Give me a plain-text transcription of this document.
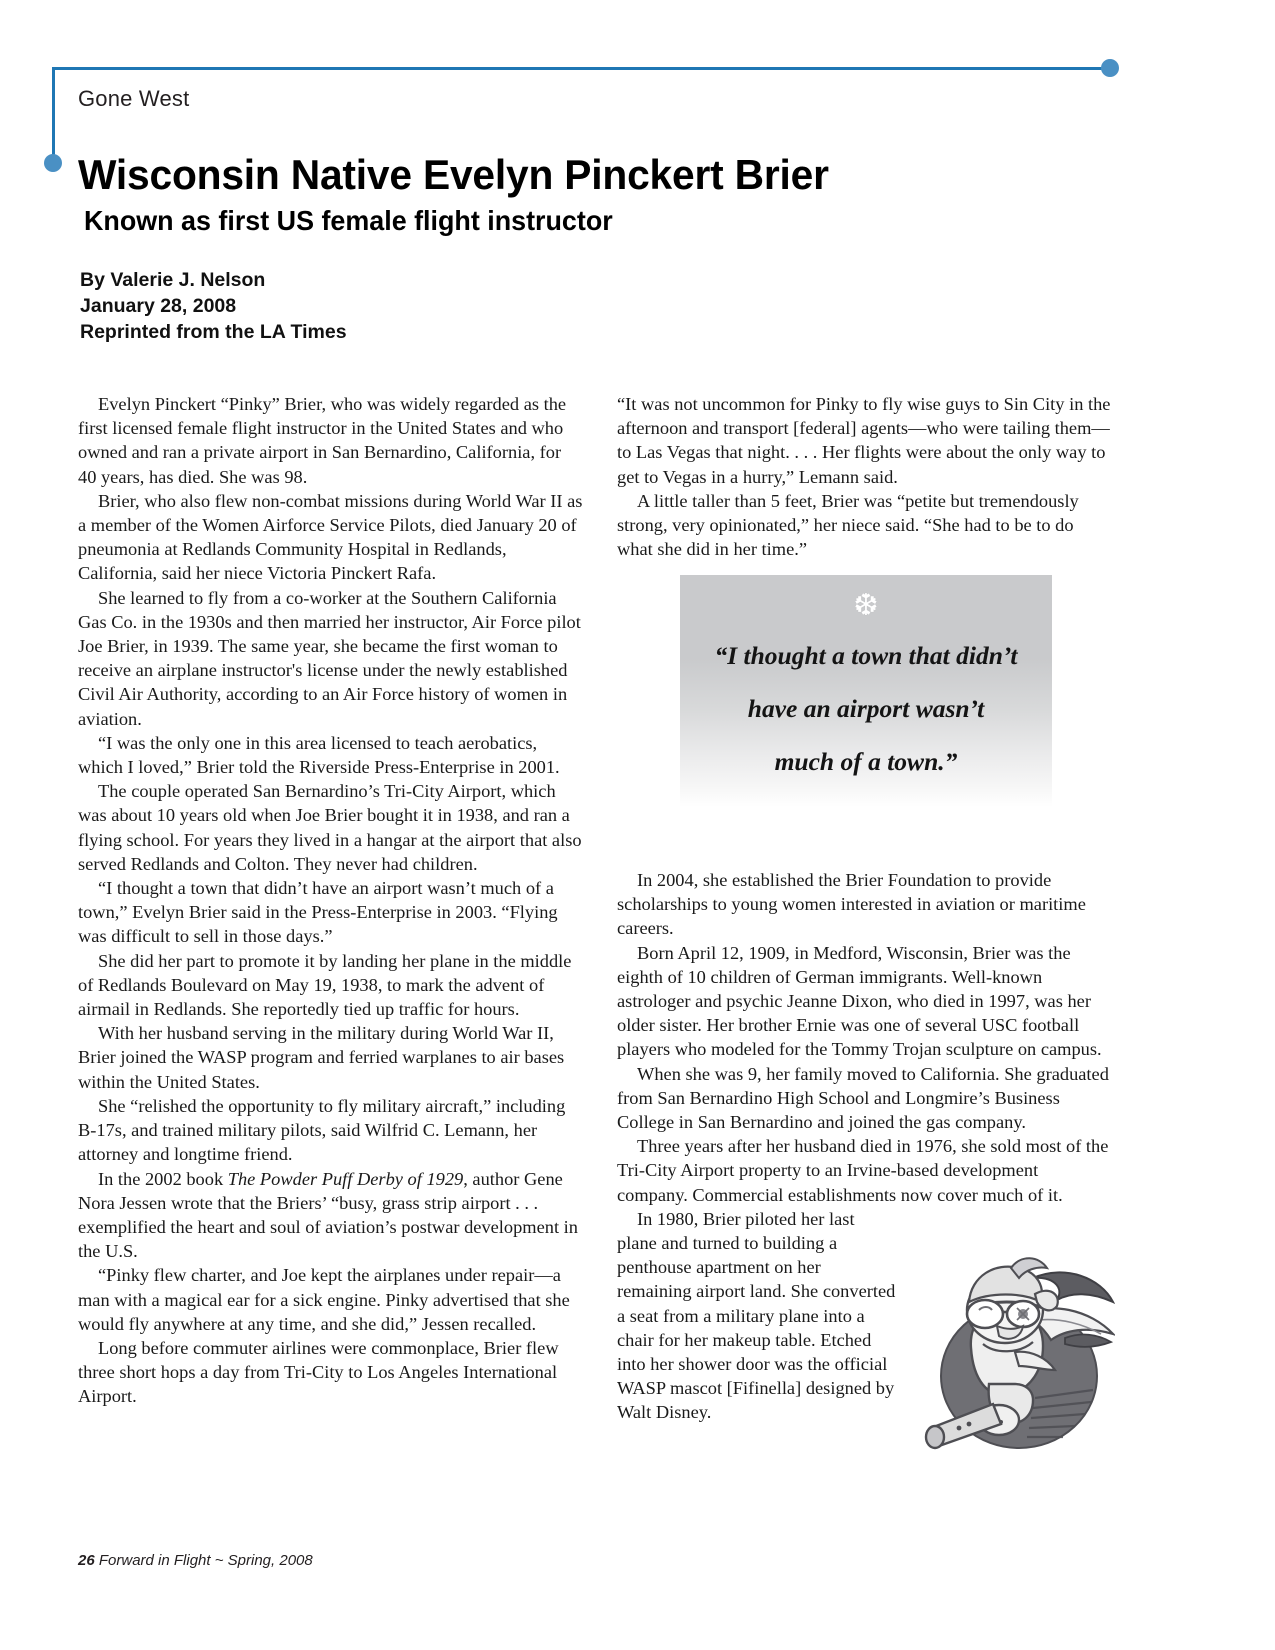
Gone West
Wisconsin Native Evelyn Pinckert Brier
Known as first US female flight instructor
By Valerie J. Nelson
January 28, 2008
Reprinted from the LA Times

Evelyn Pinckert “Pinky” Brier, who was widely regarded as the first licensed female flight instructor in the United States and who owned and ran a private airport in San Bernardino, California, for 40 years, has died. She was 98.

Brier, who also flew non-combat missions during World War II as a member of the Women Airforce Service Pilots, died January 20 of pneumonia at Redlands Community Hospital in Redlands, California, said her niece Victoria Pinckert Rafa.

She learned to fly from a co-worker at the Southern California Gas Co. in the 1930s and then married her instructor, Air Force pilot Joe Brier, in 1939. The same year, she became the first woman to receive an airplane instructor's license under the newly established Civil Air Authority, according to an Air Force history of women in aviation.

“I was the only one in this area licensed to teach aerobatics, which I loved,” Brier told the Riverside Press-Enterprise in 2001.

The couple operated San Bernardino’s Tri-City Airport, which was about 10 years old when Joe Brier bought it in 1938, and ran a flying school. For years they lived in a hangar at the airport that also served Redlands and Colton. They never had children.

“I thought a town that didn’t have an airport wasn’t much of a town,” Evelyn Brier said in the Press-Enterprise in 2003. “Flying was difficult to sell in those days.”

She did her part to promote it by landing her plane in the middle of Redlands Boulevard on May 19, 1938, to mark the advent of airmail in Redlands. She reportedly tied up traffic for hours.

With her husband serving in the military during World War II, Brier joined the WASP program and ferried warplanes to air bases within the United States.

She “relished the opportunity to fly military aircraft,” including B-17s, and trained military pilots, said Wilfrid C. Lemann, her attorney and longtime friend.

In the 2002 book The Powder Puff Derby of 1929, author Gene Nora Jessen wrote that the Briers’ “busy, grass strip airport . . . exemplified the heart and soul of aviation’s postwar development in the U.S.

“Pinky flew charter, and Joe kept the airplanes under repair—a man with a magical ear for a sick engine. Pinky advertised that she would fly anywhere at any time, and she did,” Jessen recalled.

Long before commuter airlines were commonplace, Brier flew three short hops a day from Tri-City to Los Angeles International Airport.

“It was not uncommon for Pinky to fly wise guys to Sin City in the afternoon and transport [federal] agents—who were tailing them—to Las Vegas that night. . . . Her flights were about the only way to get to Vegas in a hurry,” Lemann said.

A little taller than 5 feet, Brier was “petite but tremendously strong, very opinionated,” her niece said. “She had to be to do what she did in her time.”

❆
“I thought a town that didn’t
have an airport wasn’t
much of a town.”

In 2004, she established the Brier Foundation to provide scholarships to young women interested in aviation or maritime careers.

Born April 12, 1909, in Medford, Wisconsin, Brier was the eighth of 10 children of German immigrants. Well-known astrologer and psychic Jeanne Dixon, who died in 1997, was her older sister. Her brother Ernie was one of several USC football players who modeled for the Tommy Trojan sculpture on campus.

When she was 9, her family moved to California. She graduated from San Bernardino High School and Longmire’s Business College in San Bernardino and joined the gas company.

Three years after her husband died in 1976, she sold most of the Tri-City Airport property to an Irvine-based development company. Commercial establishments now cover much of it.

In 1980, Brier piloted her last plane and turned to building a penthouse apartment on her remaining airport land. She converted a seat from a military plane into a chair for her makeup table. Etched into her shower door was the official WASP mascot [Fifinella] designed by Walt Disney.

26 Forward in Flight ~ Spring, 2008
